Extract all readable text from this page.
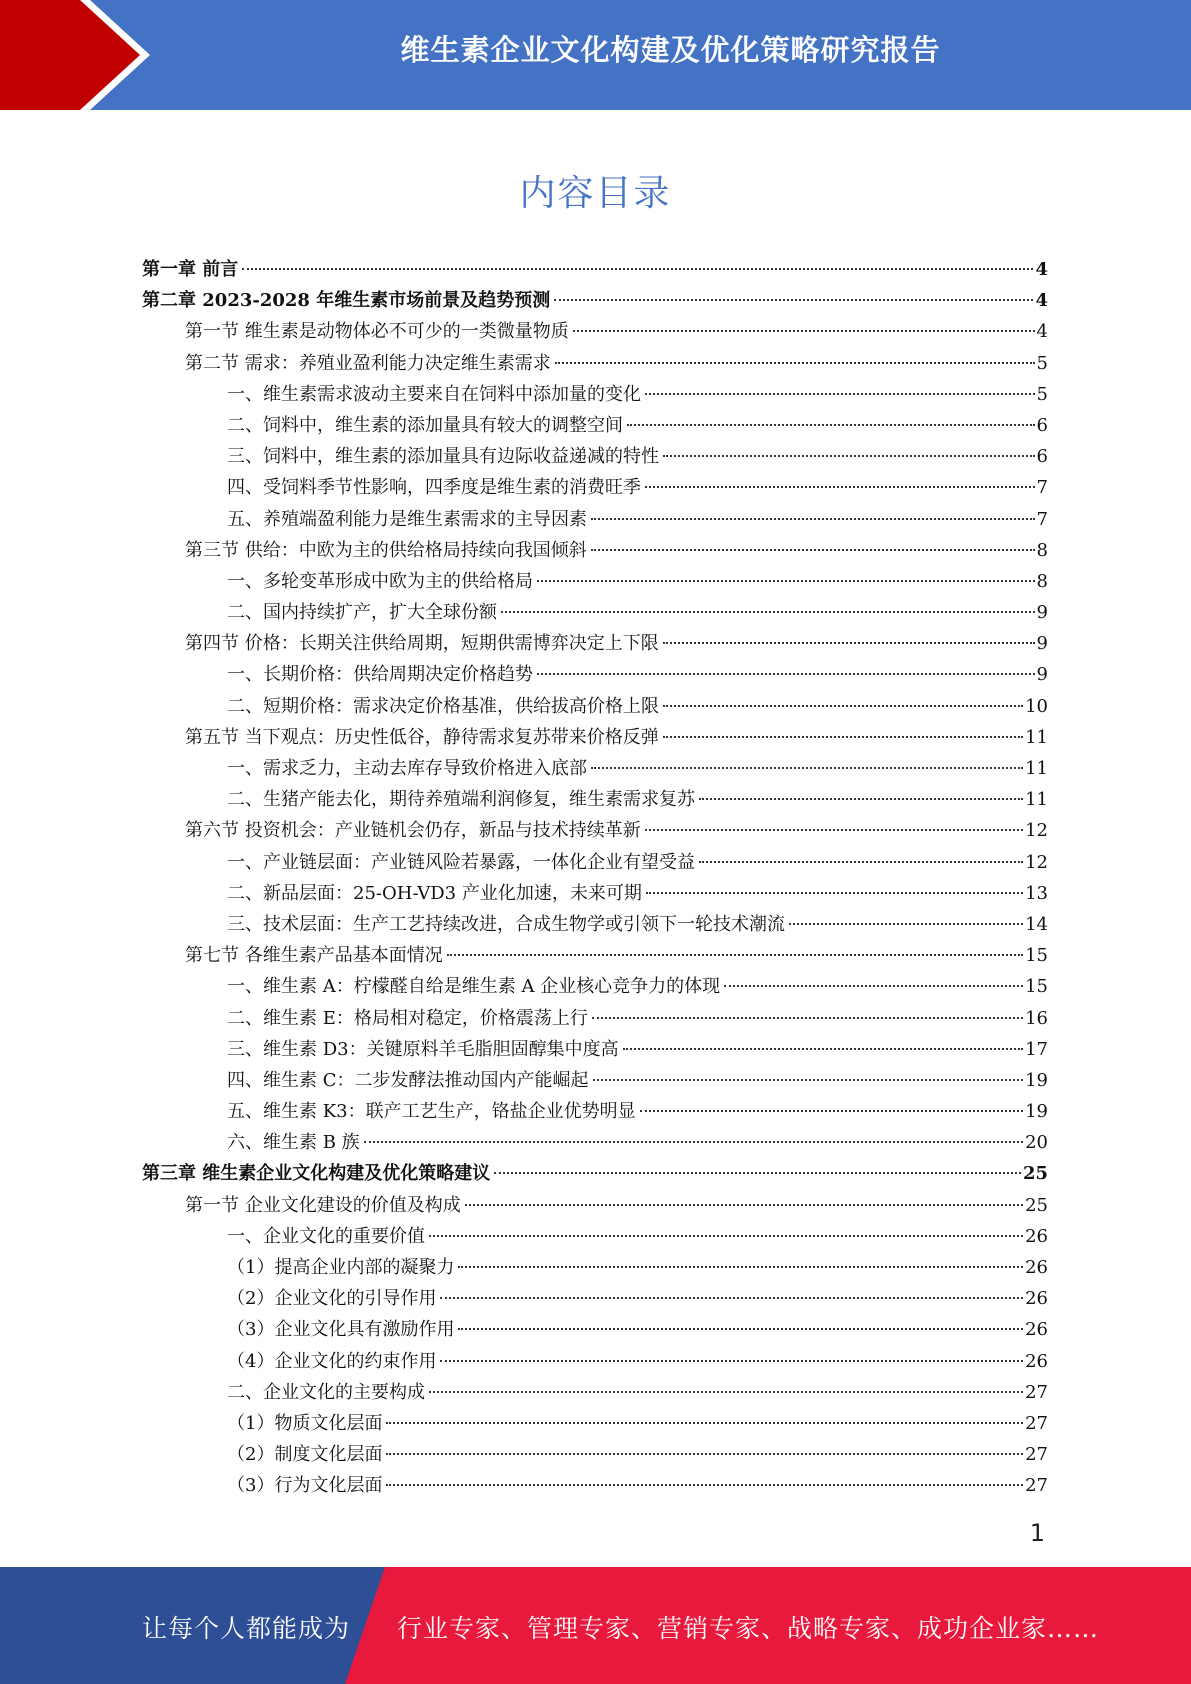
维生素企业文化构建及优化策略研究报告
内容目录
第一章 前言	4
第二章 2023-2028 年维生素市场前景及趋势预测	4
第一节 维生素是动物体必不可少的一类微量物质	4
第二节 需求：养殖业盈利能力决定维生素需求	5
一、维生素需求波动主要来自在饲料中添加量的变化	5
二、饲料中，维生素的添加量具有较大的调整空间	6
三、饲料中，维生素的添加量具有边际收益递减的特性	6
四、受饲料季节性影响，四季度是维生素的消费旺季	7
五、养殖端盈利能力是维生素需求的主导因素	7
第三节 供给：中欧为主的供给格局持续向我国倾斜	8
一、多轮变革形成中欧为主的供给格局	8
二、国内持续扩产，扩大全球份额	9
第四节 价格：长期关注供给周期，短期供需博弈决定上下限	9
一、长期价格：供给周期决定价格趋势	9
二、短期价格：需求决定价格基准，供给拔高价格上限	10
第五节 当下观点：历史性低谷，静待需求复苏带来价格反弹	11
一、需求乏力，主动去库存导致价格进入底部	11
二、生猪产能去化，期待养殖端利润修复，维生素需求复苏	11
第六节 投资机会：产业链机会仍存，新品与技术持续革新	12
一、产业链层面：产业链风险若暴露，一体化企业有望受益	12
二、新品层面：25-OH-VD3 产业化加速，未来可期	13
三、技术层面：生产工艺持续改进，合成生物学或引领下一轮技术潮流	14
第七节 各维生素产品基本面情况	15
一、维生素 A：柠檬醛自给是维生素 A 企业核心竞争力的体现	15
二、维生素 E：格局相对稳定，价格震荡上行	16
三、维生素 D3：关键原料羊毛脂胆固醇集中度高	17
四、维生素 C：二步发酵法推动国内产能崛起	19
五、维生素 K3：联产工艺生产，铬盐企业优势明显	19
六、维生素 B 族	20
第三章 维生素企业文化构建及优化策略建议	25
第一节 企业文化建设的价值及构成	25
一、企业文化的重要价值	26
（1）提高企业内部的凝聚力	26
（2）企业文化的引导作用	26
（3）企业文化具有激励作用	26
（4）企业文化的约束作用	26
二、企业文化的主要构成	27
（1）物质文化层面	27
（2）制度文化层面	27
（3）行为文化层面	27
1
让每个人都能成为 行业专家、管理专家、营销专家、战略专家、成功企业家……
